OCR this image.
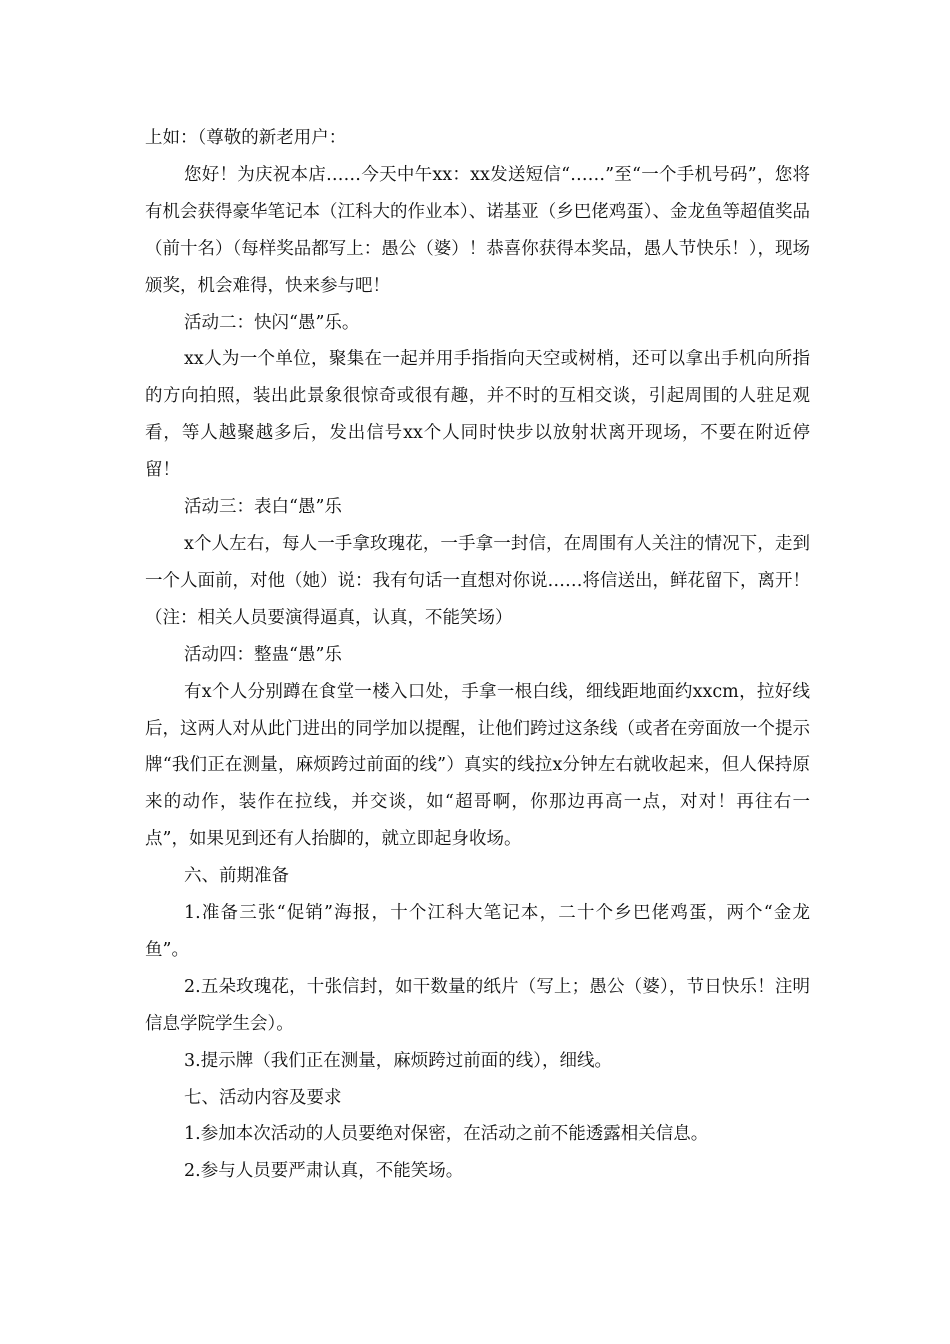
上如：（尊敬的新老用户：

您好！为庆祝本店……今天中午xx：xx发送短信“……”至“一个手机号码”，您将有机会获得豪华笔记本（江科大的作业本）、诺基亚（乡巴佬鸡蛋）、金龙鱼等超值奖品（前十名）（每样奖品都写上：愚公（婆）！恭喜你获得本奖品，愚人节快乐！），现场颁奖，机会难得，快来参与吧！

活动二：快闪“愚”乐。

xx人为一个单位，聚集在一起并用手指指向天空或树梢，还可以拿出手机向所指的方向拍照，装出此景象很惊奇或很有趣，并不时的互相交谈，引起周围的人驻足观看，等人越聚越多后，发出信号xx个人同时快步以放射状离开现场，不要在附近停留！

活动三：表白“愚”乐

x个人左右，每人一手拿玫瑰花，一手拿一封信，在周围有人关注的情况下，走到一个人面前，对他（她）说：我有句话一直想对你说……将信送出，鲜花留下，离开！（注：相关人员要演得逼真，认真，不能笑场）

活动四：整蛊“愚”乐

有x个人分别蹲在食堂一楼入口处，手拿一根白线，细线距地面约xxcm，拉好线后，这两人对从此门进出的同学加以提醒，让他们跨过这条线（或者在旁面放一个提示牌“我们正在测量，麻烦跨过前面的线”）真实的线拉x分钟左右就收起来，但人保持原来的动作，装作在拉线，并交谈，如“超哥啊，你那边再高一点，对对！再往右一点”，如果见到还有人抬脚的，就立即起身收场。

六、前期准备

1.准备三张“促销”海报，十个江科大笔记本，二十个乡巴佬鸡蛋，两个“金龙鱼”。

2.五朵玫瑰花，十张信封，如干数量的纸片（写上；愚公（婆），节日快乐！注明信息学院学生会）。

3.提示牌（我们正在测量，麻烦跨过前面的线），细线。

七、活动内容及要求

1.参加本次活动的人员要绝对保密，在活动之前不能透露相关信息。

2.参与人员要严肃认真，不能笑场。
